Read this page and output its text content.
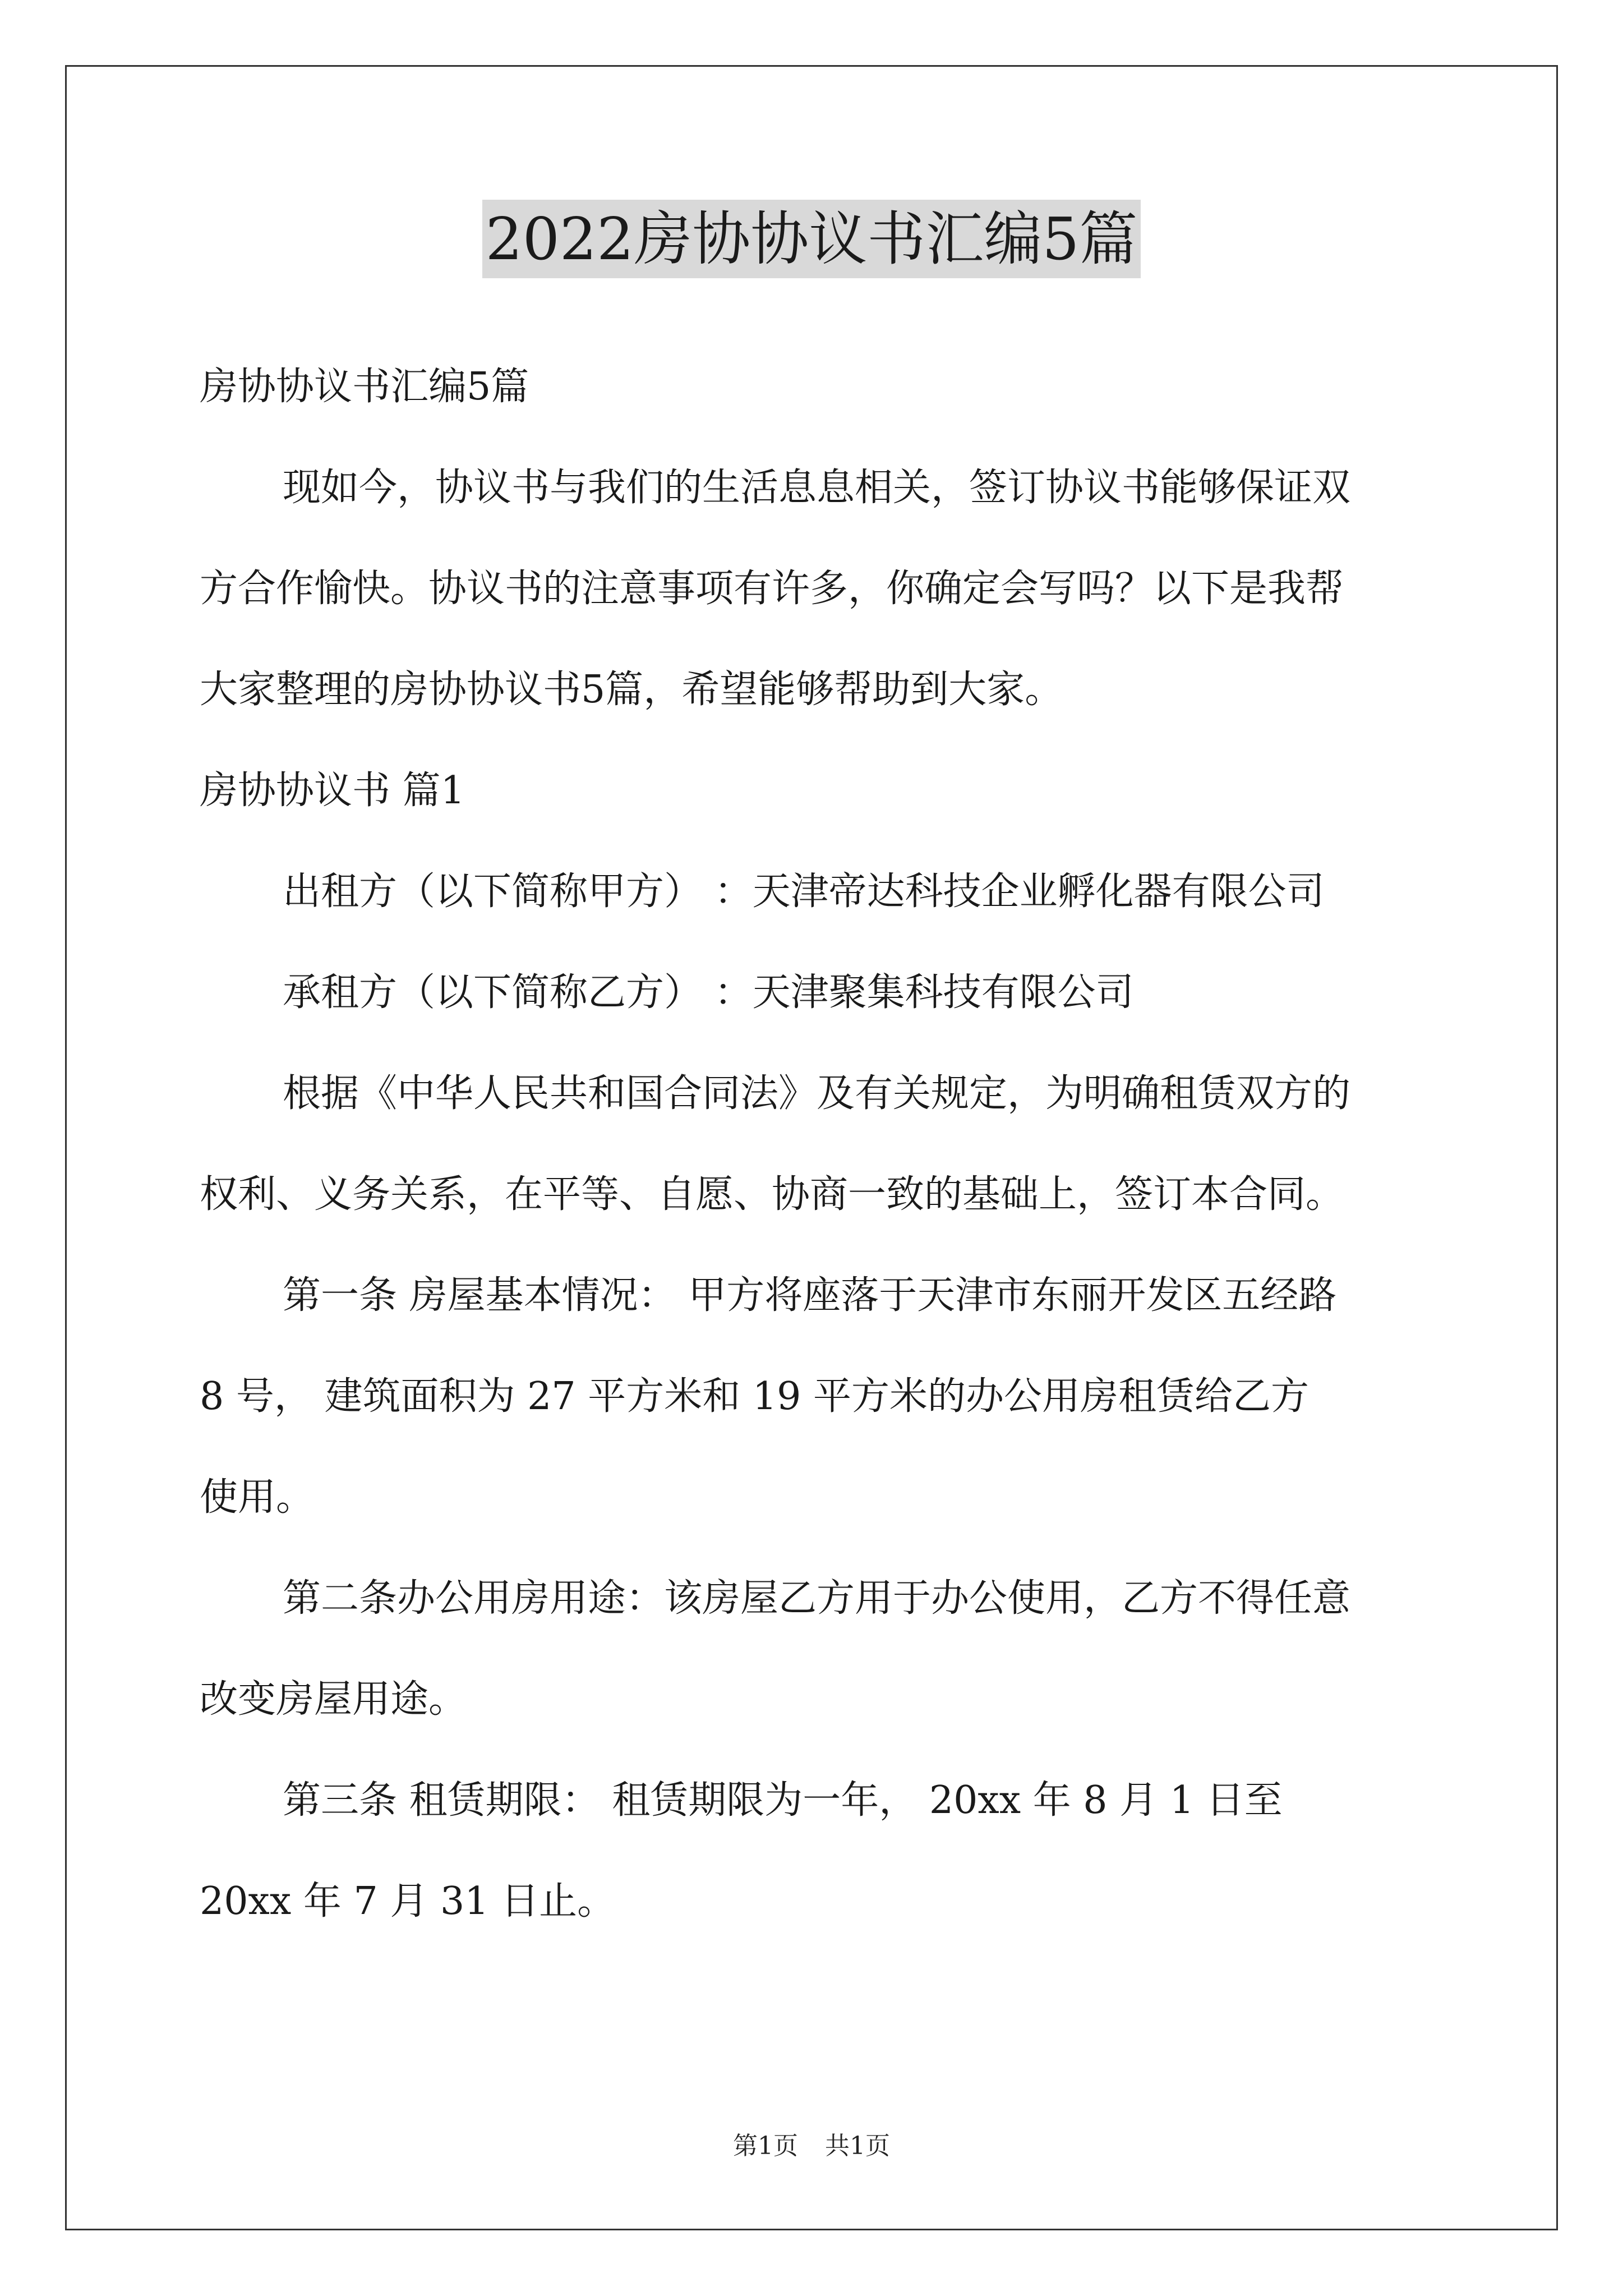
2022房协协议书汇编5篇

房协协议书汇编5篇

现如今，协议书与我们的生活息息相关，签订协议书能够保证双

方合作愉快。协议书的注意事项有许多，你确定会写吗？以下是我帮

大家整理的房协协议书5篇，希望能够帮助到大家。

房协协议书 篇1

出租方（以下简称甲方） ：天津帝达科技企业孵化器有限公司

承租方（以下简称乙方） ：天津聚集科技有限公司

根据《中华人民共和国合同法》及有关规定，为明确租赁双方的

权利、义务关系，在平等、自愿、协商一致的基础上，签订本合同。

第一条 房屋基本情况： 甲方将座落于天津市东丽开发区五经路

8 号， 建筑面积为 27 平方米和 19 平方米的办公用房租赁给乙方

使用。

第二条办公用房用途：该房屋乙方用于办公使用，乙方不得任意

改变房屋用途。

第三条 租赁期限： 租赁期限为一年， 20xx 年 8 月 1 日至

20xx 年 7 月 31 日止。

第1页 共1页
